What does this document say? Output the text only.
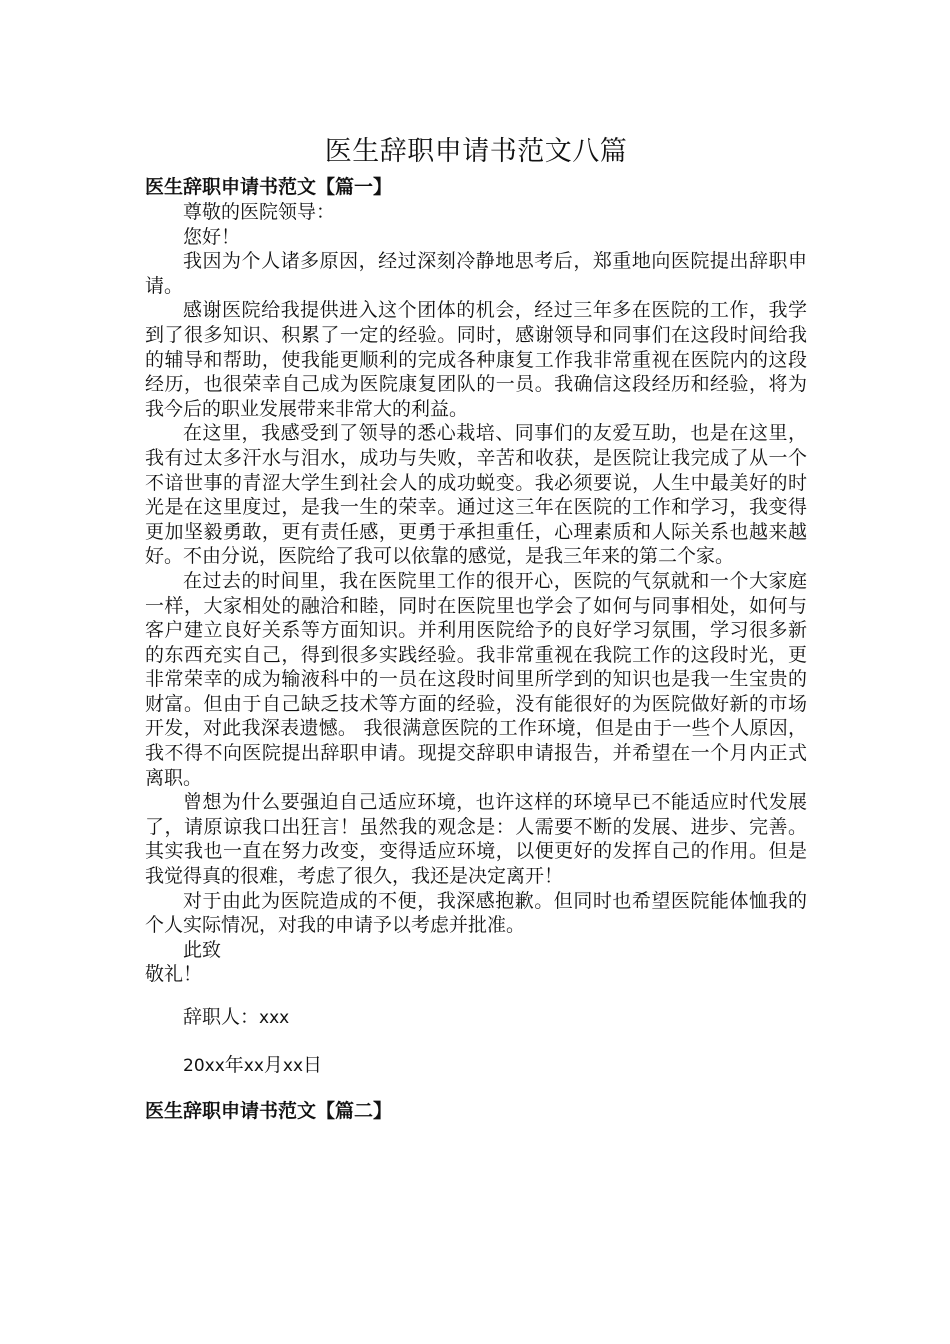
医生辞职申请书范文八篇
医生辞职申请书范文【篇一】

尊敬的医院领导：

您好！

我因为个人诸多原因，经过深刻冷静地思考后，郑重地向医院提出辞职申请。

感谢医院给我提供进入这个团体的机会，经过三年多在医院的工作，我学到了很多知识、积累了一定的经验。同时，感谢领导和同事们在这段时间给我的辅导和帮助，使我能更顺利的完成各种康复工作我非常重视在医院内的这段经历，也很荣幸自己成为医院康复团队的一员。我确信这段经历和经验，将为我今后的职业发展带来非常大的利益。

在这里，我感受到了领导的悉心栽培、同事们的友爱互助，也是在这里，我有过太多汗水与泪水，成功与失败，辛苦和收获，是医院让我完成了从一个不谙世事的青涩大学生到社会人的成功蜕变。我必须要说，人生中最美好的时光是在这里度过，是我一生的荣幸。通过这三年在医院的工作和学习，我变得更加坚毅勇敢，更有责任感，更勇于承担重任，心理素质和人际关系也越来越好。不由分说，医院给了我可以依靠的感觉，是我三年来的第二个家。

在过去的时间里，我在医院里工作的很开心，医院的气氛就和一个大家庭一样，大家相处的融洽和睦，同时在医院里也学会了如何与同事相处，如何与客户建立良好关系等方面知识。并利用医院给予的良好学习氛围，学习很多新的东西充实自己，得到很多实践经验。我非常重视在我院工作的这段时光，更非常荣幸的成为输液科中的一员在这段时间里所学到的知识也是我一生宝贵的财富。但由于自己缺乏技术等方面的经验，没有能很好的为医院做好新的市场开发，对此我深表遗憾。 我很满意医院的工作环境，但是由于一些个人原因，我不得不向医院提出辞职申请。现提交辞职申请报告，并希望在一个月内正式离职。

曾想为什么要强迫自己适应环境，也许这样的环境早已不能适应时代发展了，请原谅我口出狂言！虽然我的观念是：人需要不断的发展、进步、完善。其实我也一直在努力改变，变得适应环境，以便更好的发挥自己的作用。但是我觉得真的很难，考虑了很久，我还是决定离开！

对于由此为医院造成的不便，我深感抱歉。但同时也希望医院能体恤我的个人实际情况，对我的申请予以考虑并批准。

此致

敬礼！

辞职人：xxx

20xx年xx月xx日

医生辞职申请书范文【篇二】
